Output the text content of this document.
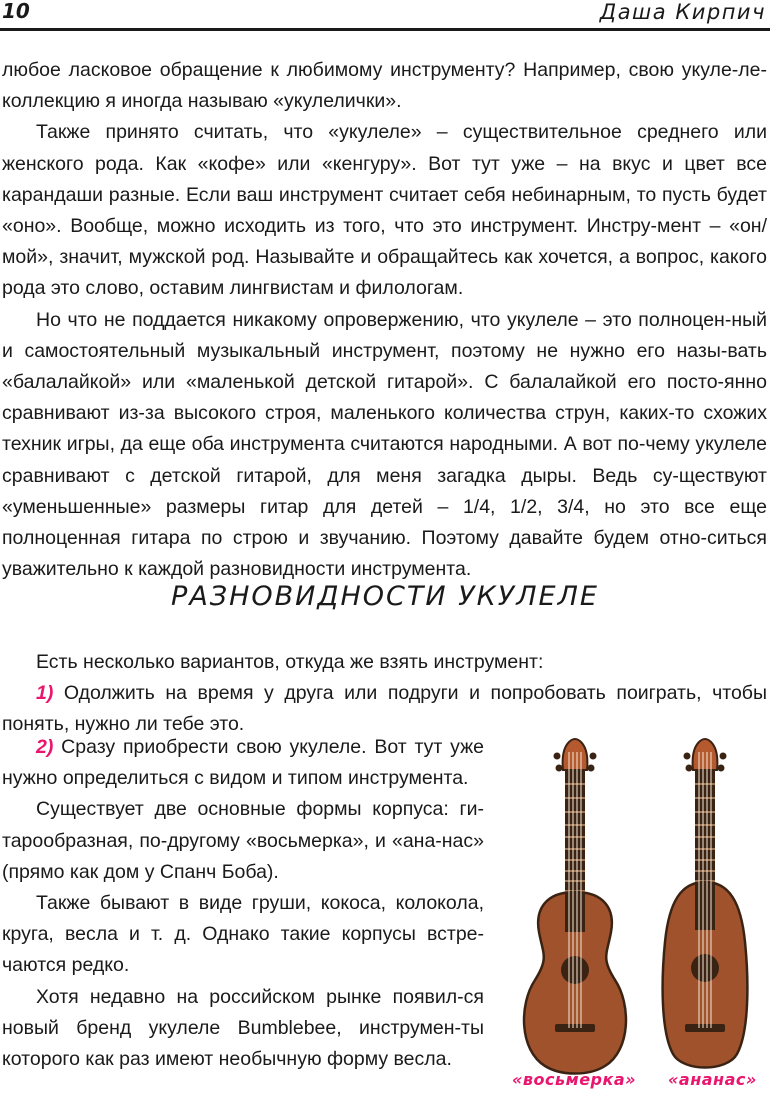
10	Даша Кирпич

любое ласковое обращение к любимому инструменту? Например, свою укуле-ле-коллекцию я иногда называю «укулелички».

Также принято считать, что «укулеле» – существительное среднего или женского рода. Как «кофе» или «кенгуру». Вот тут уже – на вкус и цвет все карандаши разные. Если ваш инструмент считает себя небинарным, то пусть будет «оно». Вообще, можно исходить из того, что это инструмент. Инстру-мент – «он/мой», значит, мужской род. Называйте и обращайтесь как хочется, а вопрос, какого рода это слово, оставим лингвистам и филологам.

Но что не поддается никакому опровержению, что укулеле – это полноцен-ный и самостоятельный музыкальный инструмент, поэтому не нужно его назы-вать «балалайкой» или «маленькой детской гитарой». С балалайкой его посто-янно сравнивают из-за высокого строя, маленького количества струн, каких-то схожих техник игры, да еще оба инструмента считаются народными. А вот по-чему укулеле сравнивают с детской гитарой, для меня загадка дыры. Ведь су-ществуют «уменьшенные» размеры гитар для детей – 1/4, 1/2, 3/4, но это все еще полноценная гитара по строю и звучанию. Поэтому давайте будем отно-ситься уважительно к каждой разновидности инструмента.

РАЗНОВИДНОСТИ УКУЛЕЛЕ

Есть несколько вариантов, откуда же взять инструмент:

1) Одолжить на время у друга или подруги и попробовать поиграть, чтобы понять, нужно ли тебе это.

2) Сразу приобрести свою укулеле. Вот тут уже нужно определиться с видом и типом инструмента.

Существует две основные формы корпуса: ги-тарообразная, по-другому «восьмерка», и «ана-нас» (прямо как дом у Спанч Боба).

Также бывают в виде груши, кокоса, колокола, круга, весла и т. д. Однако такие корпусы встре-чаются редко.

Хотя недавно на российском рынке появил-ся новый бренд укулеле Bumblebee, инструмен-ты которого как раз имеют необычную форму весла.

«восьмерка» «ананас»
